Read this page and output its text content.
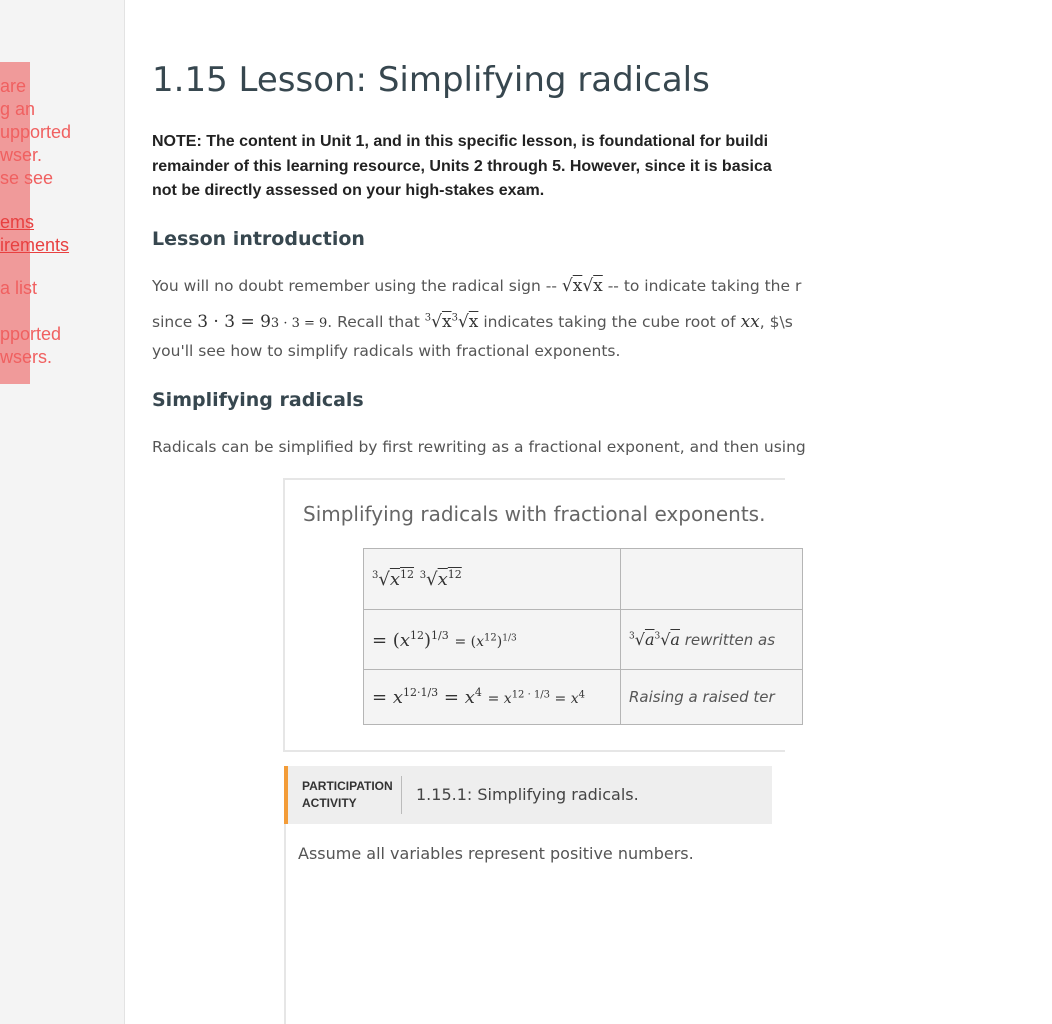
are
g an
upported
wser.
se see
ems
irements
a list
pported
wsers.
1.15 Lesson: Simplifying radicals
NOTE: The content in Unit 1, and in this specific lesson, is foundational for buildi
remainder of this learning resource, Units 2 through 5. However, since it is basica
not be directly assessed on your high-stakes exam.
Lesson introduction
You will no doubt remember using the radical sign -- √x√x -- to indicate taking the r
since 3 · 3 = 93 · 3 = 9. Recall that $^3√x^3√x$ indicates taking the cube root of xx, $\s
you'll see how to simplify radicals with fractional exponents.
Simplifying radicals
Radicals can be simplified by first rewriting as a fractional exponent, and then using
Simplifying radicals with fractional exponents.
$^3√x^{12}$ $^3√x^{12}$	
= $(x^{12})^{1/3} = (x^{12})^{1/3}$	$^3√a^3√a$ rewritten as
= $x^{12\cdot 1/3} = x^4 = x^{12 \cdot 1/3} = x^4$	Raising a raised ter
PARTICIPATION
ACTIVITY	1.15.1: Simplifying radicals.
Assume all variables represent positive numbers.
